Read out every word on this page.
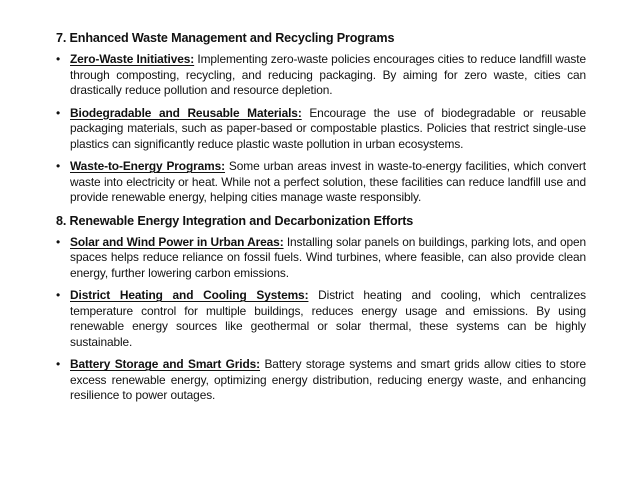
7. Enhanced Waste Management and Recycling Programs
• Zero-Waste Initiatives: Implementing zero-waste policies encourages cities to reduce landfill waste through composting, recycling, and reducing packaging. By aiming for zero waste, cities can drastically reduce pollution and resource depletion.
• Biodegradable and Reusable Materials: Encourage the use of biodegradable or reusable packaging materials, such as paper-based or compostable plastics. Policies that restrict single-use plastics can significantly reduce plastic waste pollution in urban ecosystems.
• Waste-to-Energy Programs: Some urban areas invest in waste-to-energy facilities, which convert waste into electricity or heat. While not a perfect solution, these facilities can reduce landfill use and provide renewable energy, helping cities manage waste responsibly.
8. Renewable Energy Integration and Decarbonization Efforts
• Solar and Wind Power in Urban Areas: Installing solar panels on buildings, parking lots, and open spaces helps reduce reliance on fossil fuels. Wind turbines, where feasible, can also provide clean energy, further lowering carbon emissions.
• District Heating and Cooling Systems: District heating and cooling, which centralizes temperature control for multiple buildings, reduces energy usage and emissions. By using renewable energy sources like geothermal or solar thermal, these systems can be highly sustainable.
• Battery Storage and Smart Grids: Battery storage systems and smart grids allow cities to store excess renewable energy, optimizing energy distribution, reducing energy waste, and enhancing resilience to power outages.
